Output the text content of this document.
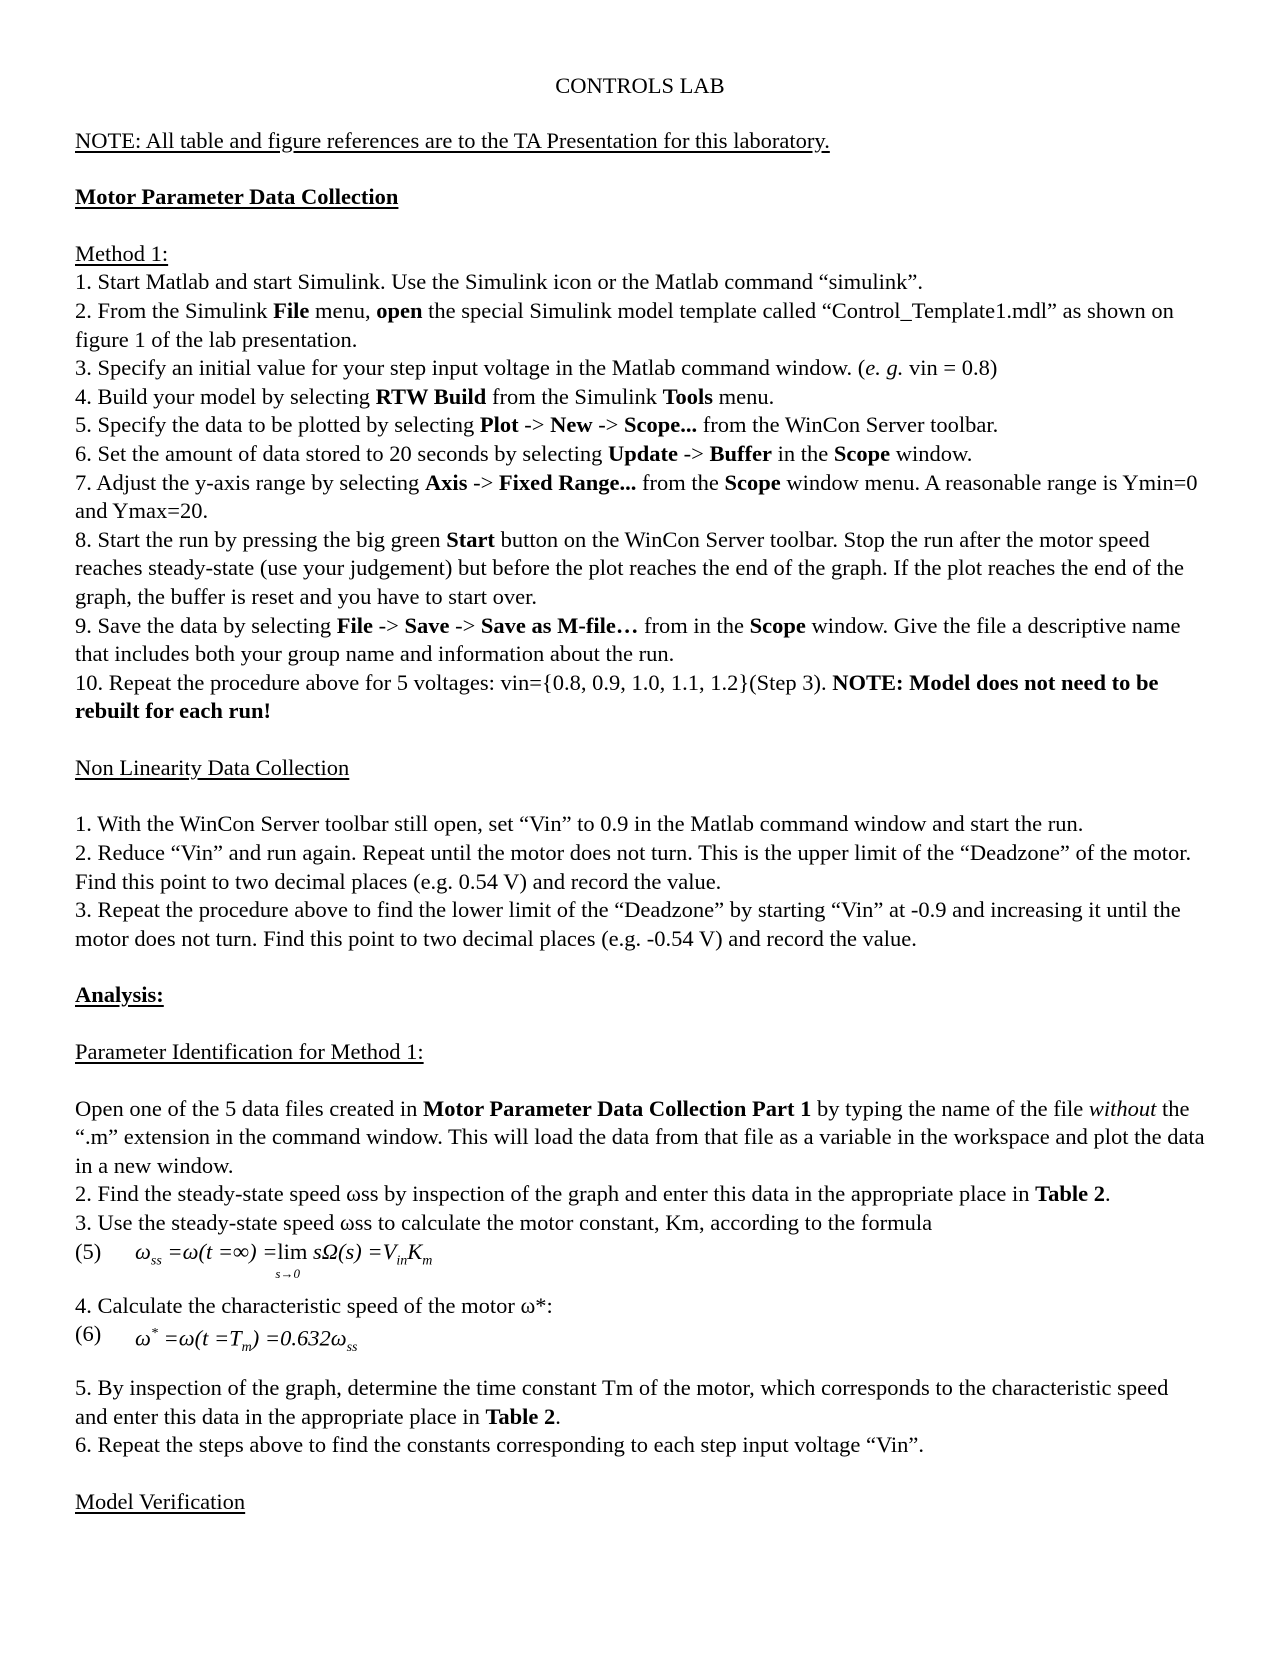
CONTROLS LAB
NOTE: All table and figure references are to the TA Presentation for this laboratory.
Motor Parameter Data Collection
Method 1:
1. Start Matlab and start Simulink. Use the Simulink icon or the Matlab command “simulink”.
2. From the Simulink File menu, open the special Simulink model template called “Control_Template1.mdl” as shown on figure 1 of the lab presentation.
3. Specify an initial value for your step input voltage in the Matlab command window. (e. g. vin = 0.8)
4. Build your model by selecting RTW Build from the Simulink Tools menu.
5. Specify the data to be plotted by selecting Plot -> New -> Scope... from the WinCon Server toolbar.
6. Set the amount of data stored to 20 seconds by selecting Update -> Buffer in the Scope window.
7. Adjust the y-axis range by selecting Axis -> Fixed Range... from the Scope window menu. A reasonable range is Ymin=0 and Ymax=20.
8. Start the run by pressing the big green Start button on the WinCon Server toolbar. Stop the run after the motor speed reaches steady-state (use your judgement) but before the plot reaches the end of the graph. If the plot reaches the end of the graph, the buffer is reset and you have to start over.
9. Save the data by selecting File -> Save -> Save as M-file… from in the Scope window. Give the file a descriptive name that includes both your group name and information about the run.
10. Repeat the procedure above for 5 voltages: vin={0.8, 0.9, 1.0, 1.1, 1.2}(Step 3). NOTE: Model does not need to be rebuilt for each run!
Non Linearity Data Collection
1. With the WinCon Server toolbar still open, set “Vin” to 0.9 in the Matlab command window and start the run.
2. Reduce “Vin” and run again. Repeat until the motor does not turn. This is the upper limit of the “Deadzone” of the motor. Find this point to two decimal places (e.g. 0.54 V) and record the value.
3. Repeat the procedure above to find the lower limit of the “Deadzone” by starting “Vin” at -0.9 and increasing it until the motor does not turn. Find this point to two decimal places (e.g. -0.54 V) and record the value.
Analysis:
Parameter Identification for Method 1:
Open one of the 5 data files created in Motor Parameter Data Collection Part 1 by typing the name of the file without the “.m” extension in the command window. This will load the data from that file as a variable in the workspace and plot the data in a new window.
2. Find the steady-state speed ωss by inspection of the graph and enter this data in the appropriate place in Table 2.
3. Use the steady-state speed ωss to calculate the motor constant, Km, according to the formula
(5)	$\omega_{ss} =\omega(t$ =∞) =lim
s→0
$s\Omega(s) =V_{in}K_m$
4. Calculate the characteristic speed of the motor ω*:
(6)	$\omega^* =\omega(t =T_m) =0.632\omega_{ss}$
5. By inspection of the graph, determine the time constant Tm of the motor, which corresponds to the characteristic speed and enter this data in the appropriate place in Table 2.
6. Repeat the steps above to find the constants corresponding to each step input voltage “Vin”.
Model Verification
